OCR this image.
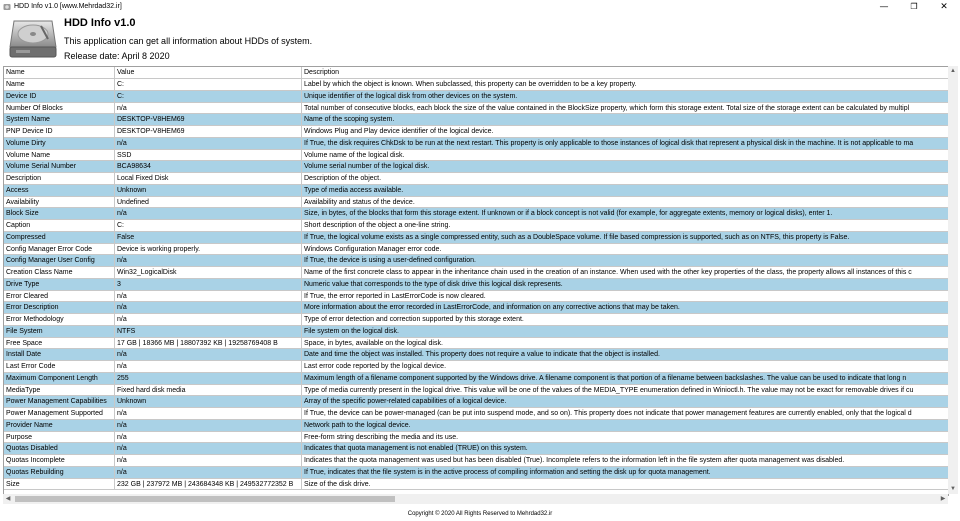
HDD Info v1.0 [www.Mehrdad32.ir]	—	❐	✕
HDD Info v1.0
This application can get all information about HDDs of system.
Release date: April 8 2020
Name	Value	Description
Name	C:	Label by which the object is known. When subclassed, this property can be overridden to be a key property.
Device ID	C:	Unique identifier of the logical disk from other devices on the system.
Number Of Blocks	n/a	Total number of consecutive blocks, each block the size of the value contained in the BlockSize property, which form this storage extent. Total size of the storage extent can be calculated by multipl
System Name	DESKTOP-V8HEM69	Name of the scoping system.
PNP Device ID	DESKTOP-V8HEM69	Windows Plug and Play device identifier of the logical device.
Volume Dirty	n/a	If True, the disk requires ChkDsk to be run at the next restart. This property is only applicable to those instances of logical disk that represent a physical disk in the machine. It is not applicable to ma
Volume Name	SSD	Volume name of the logical disk.
Volume Serial Number	BCA98634	Volume serial number of the logical disk.
Description	Local Fixed Disk	Description of the object.
Access	Unknown	Type of media access available.
Availability	Undefined	Availability and status of the device.
Block Size	n/a	Size, in bytes, of the blocks that form this storage extent. If unknown or if a block concept is not valid (for example, for aggregate extents, memory or logical disks), enter 1.
Caption	C:	Short description of the object a one-line string.
Compressed	False	If True, the logical volume exists as a single compressed entity, such as a DoubleSpace volume. If file based compression is supported, such as on NTFS, this property is False.
Config Manager Error Code	Device is working properly.	Windows Configuration Manager error code.
Config Manager User Config	n/a	If True, the device is using a user-defined configuration.
Creation Class Name	Win32_LogicalDisk	Name of the first concrete class to appear in the inheritance chain used in the creation of an instance. When used with the other key properties of the class, the property allows all instances of this c
Drive Type	3	Numeric value that corresponds to the type of disk drive this logical disk represents.
Error Cleared	n/a	If True, the error reported in LastErrorCode is now cleared.
Error Description	n/a	More information about the error recorded in LastErrorCode, and information on any corrective actions that may be taken.
Error Methodology	n/a	Type of error detection and correction supported by this storage extent.
File System	NTFS	File system on the logical disk.
Free Space	17 GB | 18366 MB | 18807392 KB | 19258769408 B	Space, in bytes, available on the logical disk.
Install Date	n/a	Date and time the object was installed. This property does not require a value to indicate that the object is installed.
Last Error Code	n/a	Last error code reported by the logical device.
Maximum Component Length	255	Maximum length of a filename component supported by the Windows drive. A filename component is that portion of a filename between backslashes. The value can be used to indicate that long n
MediaType	Fixed hard disk media	Type of media currently present in the logical drive. This value will be one of the values of the MEDIA_TYPE enumeration defined in Winioctl.h. The value may not be exact for removable drives if cu
Power Management Capabilities	Unknown	Array of the specific power-related capabilities of a logical device.
Power Management Supported	n/a	If True, the device can be power-managed (can be put into suspend mode, and so on). This property does not indicate that power management features are currently enabled, only that the logical d
Provider Name	n/a	Network path to the logical device.
Purpose	n/a	Free-form string describing the media and its use.
Quotas Disabled	n/a	Indicates that quota management is not enabled (TRUE) on this system.
Quotas Incomplete	n/a	Indicates that the quota management was used but has been disabled (True). Incomplete refers to the information left in the file system after quota management was disabled.
Quotas Rebuilding	n/a	If True, indicates that the file system is in the active process of compiling information and setting the disk up for quota management.
Size	232 GB | 237972 MB | 243684348 KB | 249532772352 B	Size of the disk drive.
▲
▼
◀	▶
Copyright © 2020 All Rights Reserved to Mehrdad32.ir
